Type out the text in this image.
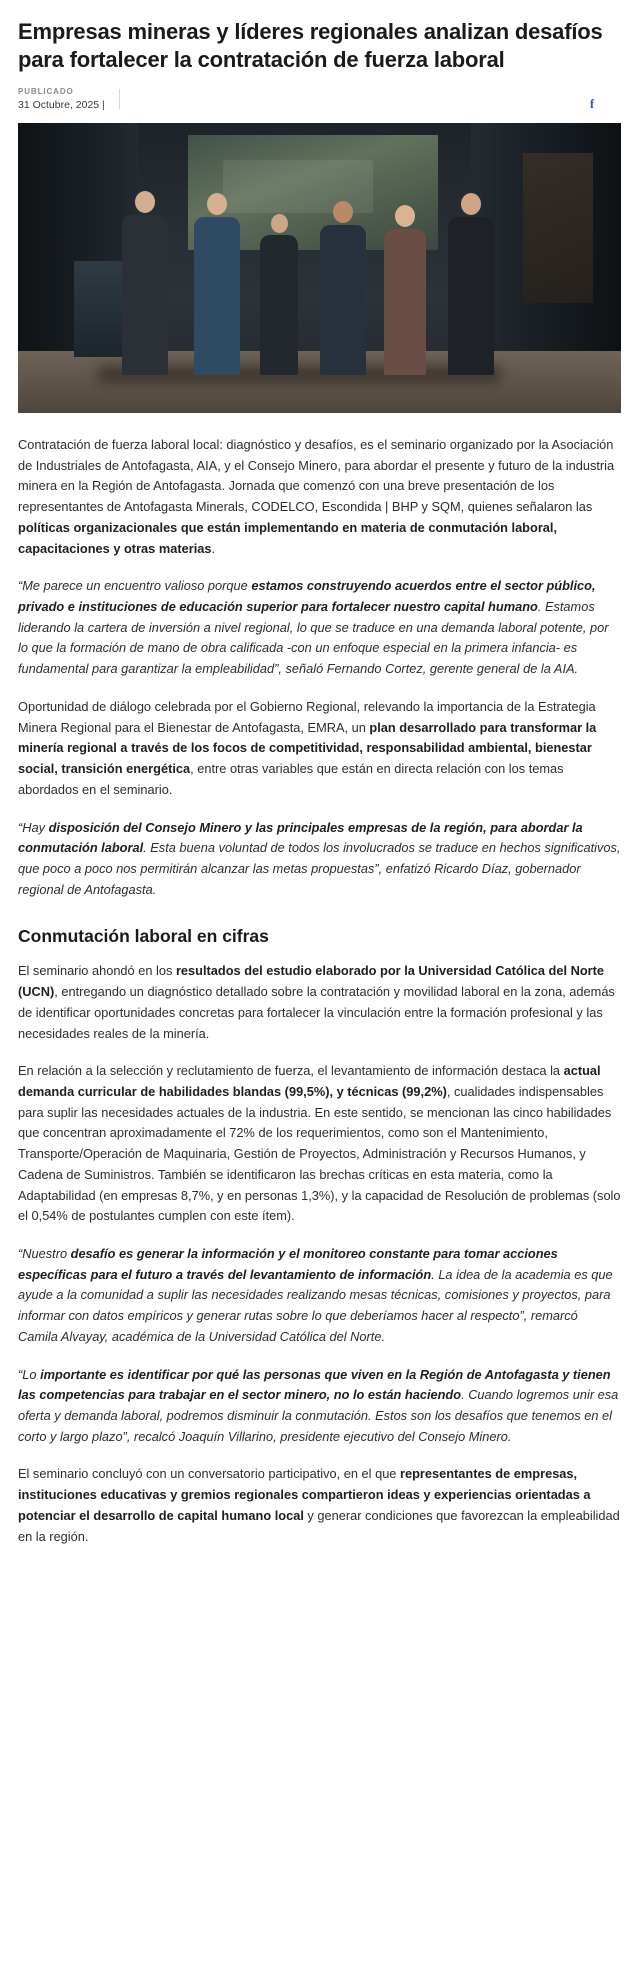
Empresas mineras y líderes regionales analizan desafíos para fortalecer la contratación de fuerza laboral
PUBLICADO
31 Octubre, 2025 |	f

Contratación de fuerza laboral local: diagnóstico y desafíos, es el seminario organizado por la Asociación de Industriales de Antofagasta, AIA, y el Consejo Minero, para abordar el presente y futuro de la industria minera en la Región de Antofagasta. Jornada que comenzó con una breve presentación de los representantes de Antofagasta Minerals, CODELCO, Escondida | BHP y SQM, quienes señalaron las políticas organizacionales que están implementando en materia de conmutación laboral, capacitaciones y otras materias.

“Me parece un encuentro valioso porque estamos construyendo acuerdos entre el sector público, privado e instituciones de educación superior para fortalecer nuestro capital humano. Estamos liderando la cartera de inversión a nivel regional, lo que se traduce en una demanda laboral potente, por lo que la formación de mano de obra calificada -con un enfoque especial en la primera infancia- es fundamental para garantizar la empleabilidad”, señaló Fernando Cortez, gerente general de la AIA.

Oportunidad de diálogo celebrada por el Gobierno Regional, relevando la importancia de la Estrategia Minera Regional para el Bienestar de Antofagasta, EMRA, un plan desarrollado para transformar la minería regional a través de los focos de competitividad, responsabilidad ambiental, bienestar social, transición energética, entre otras variables que están en directa relación con los temas abordados en el seminario.

“Hay disposición del Consejo Minero y las principales empresas de la región, para abordar la conmutación laboral. Esta buena voluntad de todos los involucrados se traduce en hechos significativos, que poco a poco nos permitirán alcanzar las metas propuestas”, enfatizó Ricardo Díaz, gobernador regional de Antofagasta.

Conmutación laboral en cifras

El seminario ahondó en los resultados del estudio elaborado por la Universidad Católica del Norte (UCN), entregando un diagnóstico detallado sobre la contratación y movilidad laboral en la zona, además de identificar oportunidades concretas para fortalecer la vinculación entre la formación profesional y las necesidades reales de la minería.

En relación a la selección y reclutamiento de fuerza, el levantamiento de información destaca la actual demanda curricular de habilidades blandas (99,5%), y técnicas (99,2%), cualidades indispensables para suplir las necesidades actuales de la industria. En este sentido, se mencionan las cinco habilidades que concentran aproximadamente el 72% de los requerimientos, como son el Mantenimiento, Transporte/Operación de Maquinaria, Gestión de Proyectos, Administración y Recursos Humanos, y Cadena de Suministros. También se identificaron las brechas críticas en esta materia, como la Adaptabilidad (en empresas 8,7%, y en personas 1,3%), y la capacidad de Resolución de problemas (solo el 0,54% de postulantes cumplen con este ítem).

“Nuestro desafío es generar la información y el monitoreo constante para tomar acciones específicas para el futuro a través del levantamiento de información. La idea de la academia es que ayude a la comunidad a suplir las necesidades realizando mesas técnicas, comisiones y proyectos, para informar con datos empíricos y generar rutas sobre lo que deberíamos hacer al respecto”, remarcó Camila Alvayay, académica de la Universidad Católica del Norte.

“Lo importante es identificar por qué las personas que viven en la Región de Antofagasta y tienen las competencias para trabajar en el sector minero, no lo están haciendo. Cuando logremos unir esa oferta y demanda laboral, podremos disminuir la conmutación. Estos son los desafíos que tenemos en el corto y largo plazo”, recalcó Joaquín Villarino, presidente ejecutivo del Consejo Minero.

El seminario concluyó con un conversatorio participativo, en el que representantes de empresas, instituciones educativas y gremios regionales compartieron ideas y experiencias orientadas a potenciar el desarrollo de capital humano local y generar condiciones que favorezcan la empleabilidad en la región.
